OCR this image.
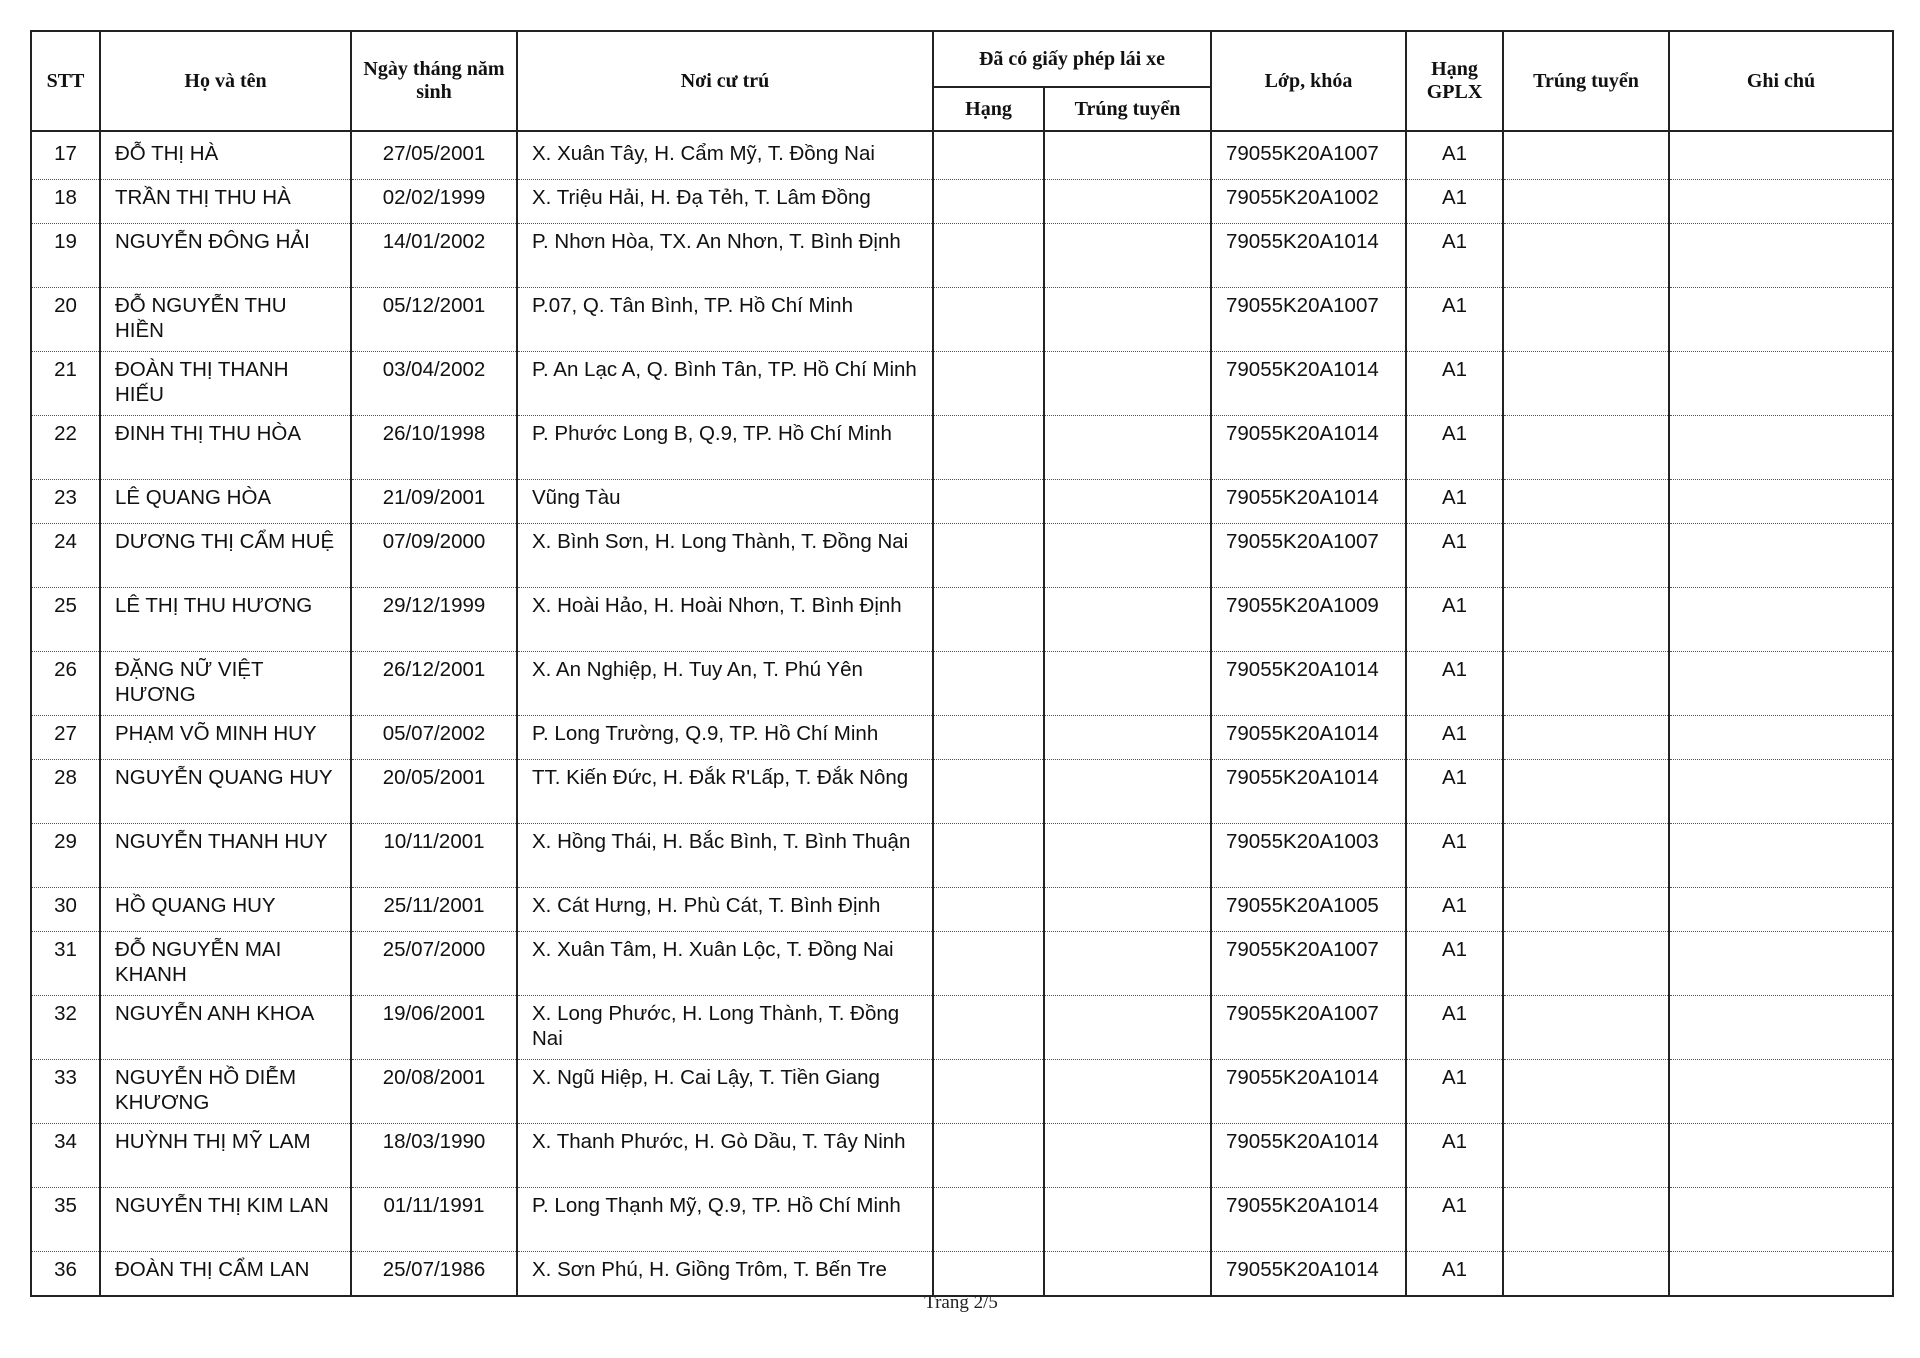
STT	Họ và tên	Ngày tháng năm sinh	Nơi cư trú	Đã có giấy phép lái xe		Lớp, khóa	Hạng GPLX	Trúng tuyển	Ghi chú
				Hạng	Trúng tuyển				
17	ĐỖ THỊ HÀ	27/05/2001	X. Xuân Tây, H. Cẩm Mỹ, T. Đồng Nai			79055K20A1007	A1		
18	TRẦN THỊ THU HÀ	02/02/1999	X. Triệu Hải, H. Đạ Tẻh, T. Lâm Đồng			79055K20A1002	A1		
19	NGUYỄN ĐÔNG HẢI	14/01/2002	P. Nhơn Hòa, TX. An Nhơn, T. Bình Định			79055K20A1014	A1		
20	ĐỖ NGUYỄN THU HIỀN	05/12/2001	P.07, Q. Tân Bình, TP. Hồ Chí Minh			79055K20A1007	A1		
21	ĐOÀN THỊ THANH HIẾU	03/04/2002	P. An Lạc A, Q. Bình Tân, TP. Hồ Chí Minh			79055K20A1014	A1		
22	ĐINH THỊ THU HÒA	26/10/1998	P. Phước Long B, Q.9, TP. Hồ Chí Minh			79055K20A1014	A1		
23	LÊ QUANG HÒA	21/09/2001	Vũng Tàu			79055K20A1014	A1		
24	DƯƠNG THỊ CẨM HUỆ	07/09/2000	X. Bình Sơn, H. Long Thành, T. Đồng Nai			79055K20A1007	A1		
25	LÊ THỊ THU HƯƠNG	29/12/1999	X. Hoài Hảo, H. Hoài Nhơn, T. Bình Định			79055K20A1009	A1		
26	ĐẶNG NỮ VIỆT HƯƠNG	26/12/2001	X. An Nghiệp, H. Tuy An, T. Phú Yên			79055K20A1014	A1		
27	PHẠM VÕ MINH HUY	05/07/2002	P. Long Trường, Q.9, TP. Hồ Chí Minh			79055K20A1014	A1		
28	NGUYỄN QUANG HUY	20/05/2001	TT. Kiến Đức, H. Đắk R'Lấp, T. Đắk Nông			79055K20A1014	A1		
29	NGUYỄN THANH HUY	10/11/2001	X. Hồng Thái, H. Bắc Bình, T. Bình Thuận			79055K20A1003	A1		
30	HỒ QUANG HUY	25/11/2001	X. Cát Hưng, H. Phù Cát, T. Bình Định			79055K20A1005	A1		
31	ĐỖ NGUYỄN MAI KHANH	25/07/2000	X. Xuân Tâm, H. Xuân Lộc, T. Đồng Nai			79055K20A1007	A1		
32	NGUYỄN ANH KHOA	19/06/2001	X. Long Phước, H. Long Thành, T. Đồng Nai			79055K20A1007	A1		
33	NGUYỄN HỒ DIỄM KHƯƠNG	20/08/2001	X. Ngũ Hiệp, H. Cai Lậy, T. Tiền Giang			79055K20A1014	A1		
34	HUỲNH THỊ MỸ LAM	18/03/1990	X. Thanh Phước, H. Gò Dầu, T. Tây Ninh			79055K20A1014	A1		
35	NGUYỄN THỊ KIM LAN	01/11/1991	P. Long Thạnh Mỹ, Q.9, TP. Hồ Chí Minh			79055K20A1014	A1		
36	ĐOÀN THỊ CẨM LAN	25/07/1986	X. Sơn Phú, H. Giồng Trôm, T. Bến Tre			79055K20A1014	A1		
Trang 2/5
